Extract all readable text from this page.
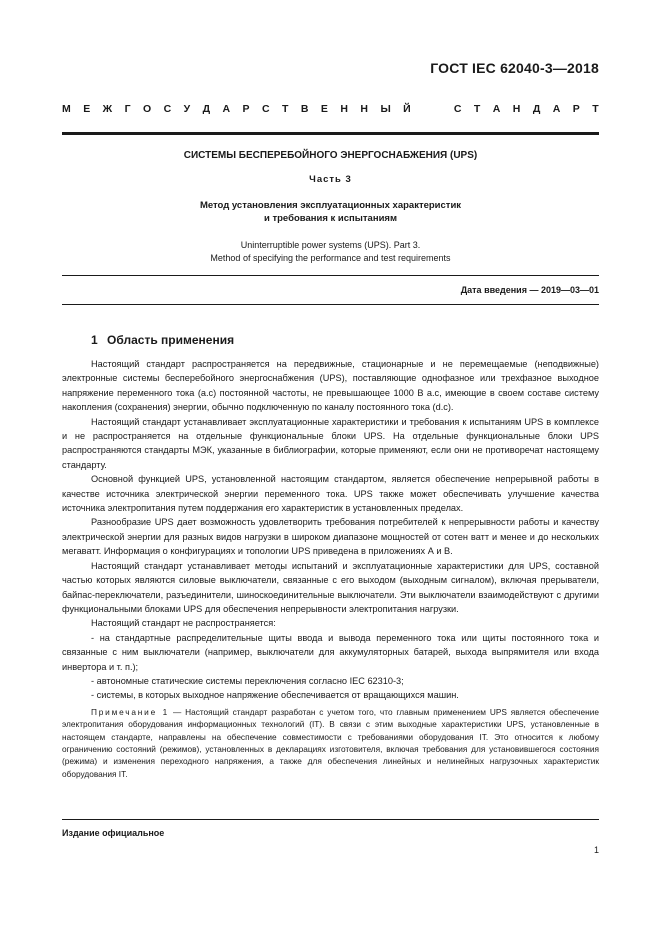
ГОСТ IEC 62040-3—2018
М Е Ж Г О С У Д А Р С Т В Е Н Н Ы Й

	С Т А Н Д А Р Т
СИСТЕМЫ БЕСПЕРЕБОЙНОГО ЭНЕРГОСНАБЖЕНИЯ (UPS)
Часть 3
Метод установления эксплуатационных характеристик
и требования к испытаниям
Uninterruptible power systems (UPS). Part 3.
Method of specifying the performance and test requirements
Дата введения — 2019—03—01
1 Область применения

Настоящий стандарт распространяется на передвижные, стационарные и не перемещаемые (неподвижные) электронные системы бесперебойного энергоснабжения (UPS), поставляющие однофазное или трехфазное выходное напряжение переменного тока (a.c) постоянной частоты, не превышающее 1000 В а.с, имеющие в своем составе систему накопления (сохранения) энергии, обычно подключенную по каналу постоянного тока (d.c).

Настоящий стандарт устанавливает эксплуатационные характеристики и требования к испытаниям UPS в комплексе и не распространяется на отдельные функциональные блоки UPS. На отдельные функциональные блоки UPS распространяются стандарты МЭК, указанные в библиографии, которые применяют, если они не противоречат настоящему стандарту.

Основной функцией UPS, установленной настоящим стандартом, является обеспечение непрерывной работы в качестве источника электрической энергии переменного тока. UPS также может обеспечивать улучшение качества источника электропитания путем поддержания его характеристик в установленных пределах.

Разнообразие UPS дает возможность удовлетворить требования потребителей к непрерывности работы и качеству электрической энергии для разных видов нагрузки в широком диапазоне мощностей от сотен ватт и менее и до нескольких мегаватт. Информация о конфигурациях и топологии UPS приведена в приложениях А и В.

Настоящий стандарт устанавливает методы испытаний и эксплуатационные характеристики для UPS, составной частью которых являются силовые выключатели, связанные с его выходом (выходным сигналом), включая прерыватели, байпас-переключатели, разъединители, шиноскоединительные выключатели. Эти выключатели взаимодействуют с другими функциональными блоками UPS для обеспечения непрерывности электропитания нагрузки.

Настоящий стандарт не распространяется:

- на стандартные распределительные щиты ввода и вывода переменного тока или щиты постоянного тока и связанные с ним выключатели (например, выключатели для аккумуляторных батарей, выхода выпрямителя или входа инвертора и т. п.);

- автономные статические системы переключения согласно IEC 62310-3;

- системы, в которых выходное напряжение обеспечивается от вращающихся машин.

Примечание 1 — Настоящий стандарт разработан с учетом того, что главным применением UPS является обеспечение электропитания оборудования информационных технологий (IT). В связи с этим выходные характеристики UPS, установленные в настоящем стандарте, направлены на обеспечение совместимости с требованиями оборудования IT. Это относится к любому ограничению состояний (режимов), установленных в декларациях изготовителя, включая требования для установившегося состояния (режима) и изменения переходного напряжения, а также для обеспечения линейных и нелинейных нагрузочных характеристик оборудования IT.
Издание официальное
1
